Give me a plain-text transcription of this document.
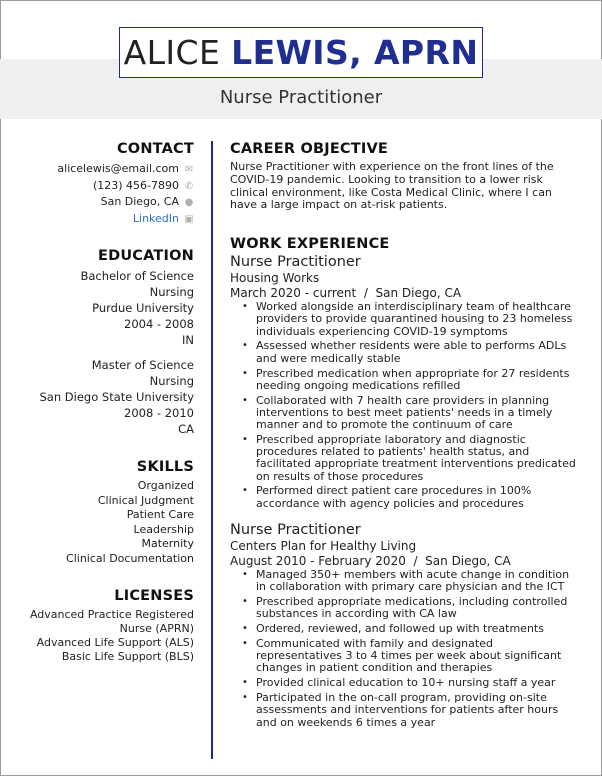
ALICE LEWIS, APRN
Nurse Practitioner
CONTACT
alicelewis@email.com ✉
(123) 456-7890 ✆
San Diego, CA ●
LinkedIn ▣
EDUCATION
Bachelor of Science
Nursing
Purdue University
2004 - 2008
IN
Master of Science
Nursing
San Diego State University
2008 - 2010
CA
SKILLS
Organized
Clinical Judgment
Patient Care
Leadership
Maternity
Clinical Documentation
LICENSES
Advanced Practice Registered
Nurse (APRN)
Advanced Life Support (ALS)
Basic Life Support (BLS)
CAREER OBJECTIVE
Nurse Practitioner with experience on the front lines of the COVID-19 pandemic. Looking to transition to a lower risk clinical environment, like Costa Medical Clinic, where I can have a large impact on at-risk patients.
WORK EXPERIENCE
Nurse Practitioner
Housing Works
March 2020 - current  /  San Diego, CA
• Worked alongside an interdisciplinary team of healthcare providers to provide quarantined housing to 23 homeless individuals experiencing COVID-19 symptoms
• Assessed whether residents were able to performs ADLs and were medically stable
• Prescribed medication when appropriate for 27 residents needing ongoing medications refilled
• Collaborated with 7 health care providers in planning interventions to best meet patients' needs in a timely manner and to promote the continuum of care
• Prescribed appropriate laboratory and diagnostic procedures related to patients' health status, and facilitated appropriate treatment interventions predicated on results of those procedures
• Performed direct patient care procedures in 100% accordance with agency policies and procedures
Nurse Practitioner
Centers Plan for Healthy Living
August 2010 - February 2020  /  San Diego, CA
• Managed 350+ members with acute change in condition in collaboration with primary care physician and the ICT
• Prescribed appropriate medications, including controlled substances in according with CA law
• Ordered, reviewed, and followed up with treatments
• Communicated with family and designated representatives 3 to 4 times per week about significant changes in patient condition and therapies
• Provided clinical education to 10+ nursing staff a year
• Participated in the on-call program, providing on-site assessments and interventions for patients after hours and on weekends 6 times a year
